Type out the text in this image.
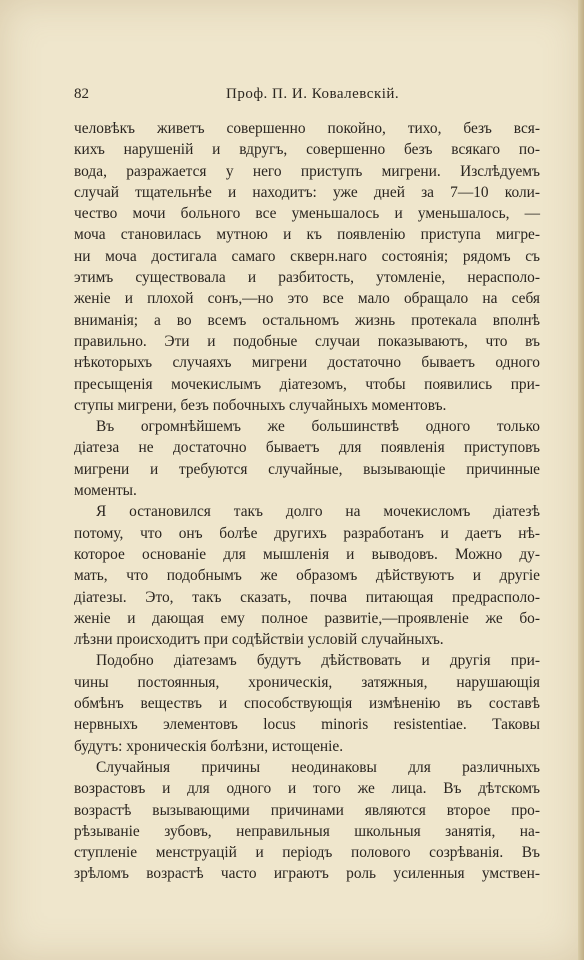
82	Проф. П. И. Ковалевскій.
человѣкъ живетъ совершенно покойно, тихо, безъ вся-
кихъ нарушеній и вдругъ, совершенно безъ всякаго по-
вода, разражается у него приступъ мигрени. Изслѣдуемъ
случай тщательнѣе и находитъ: уже дней за 7—10 коли-
чество мочи больного все уменьшалось и уменьшалось, —
моча становилась мутною и къ появленію приступа мигре-
ни моча достигала самаго скверн.наго состоянія; рядомъ съ
этимъ существовала и разбитость, утомленіе, нерасполо-
женіе и плохой сонъ,—но это все мало обращало на себя
вниманія; а во всемъ остальномъ жизнь протекала вполнѣ
правильно. Эти и подобные случаи показываютъ, что въ
нѣкоторыхъ случаяхъ мигрени достаточно бываетъ одного
пресыщенія мочекислымъ діатезомъ, чтобы появились при-
ступы мигрени, безъ побочныхъ случайныхъ моментовъ.
Въ огромнѣйшемъ же большинствѣ одного только
діатеза не достаточно бываетъ для появленія приступовъ
мигрени и требуются случайные, вызывающіе причинные
моменты.
Я остановился такъ долго на мочекисломъ діатезѣ
потому, что онъ болѣе другихъ разработанъ и даетъ нѣ-
которое основаніе для мышленія и выводовъ. Можно ду-
мать, что подобнымъ же образомъ дѣйствуютъ и другіе
діатезы. Это, такъ сказать, почва питающая предрасполо-
женіе и дающая ему полное развитіе,—проявленіе же бо-
лѣзни происходитъ при содѣйствіи условій случайныхъ.
Подобно діатезамъ будутъ дѣйствовать и другія при-
чины постоянныя, хроническія, затяжныя, нарушающія
обмѣнъ веществъ и способствующія измѣненію въ составѣ
нервныхъ элементовъ locus minoris resistentiae. Таковы
будутъ: хроническія болѣзни, истощеніе.
Случайныя причины неодинаковы для различныхъ
возрастовъ и для одного и того же лица. Въ дѣтскомъ
возрастѣ вызывающими причинами являются второе про-
рѣзываніе зубовъ, неправильныя школьныя занятія, на-
ступленіе менструацій и періодъ полового созрѣванія. Въ
зрѣломъ возрастѣ часто играютъ роль усиленныя умствен-
